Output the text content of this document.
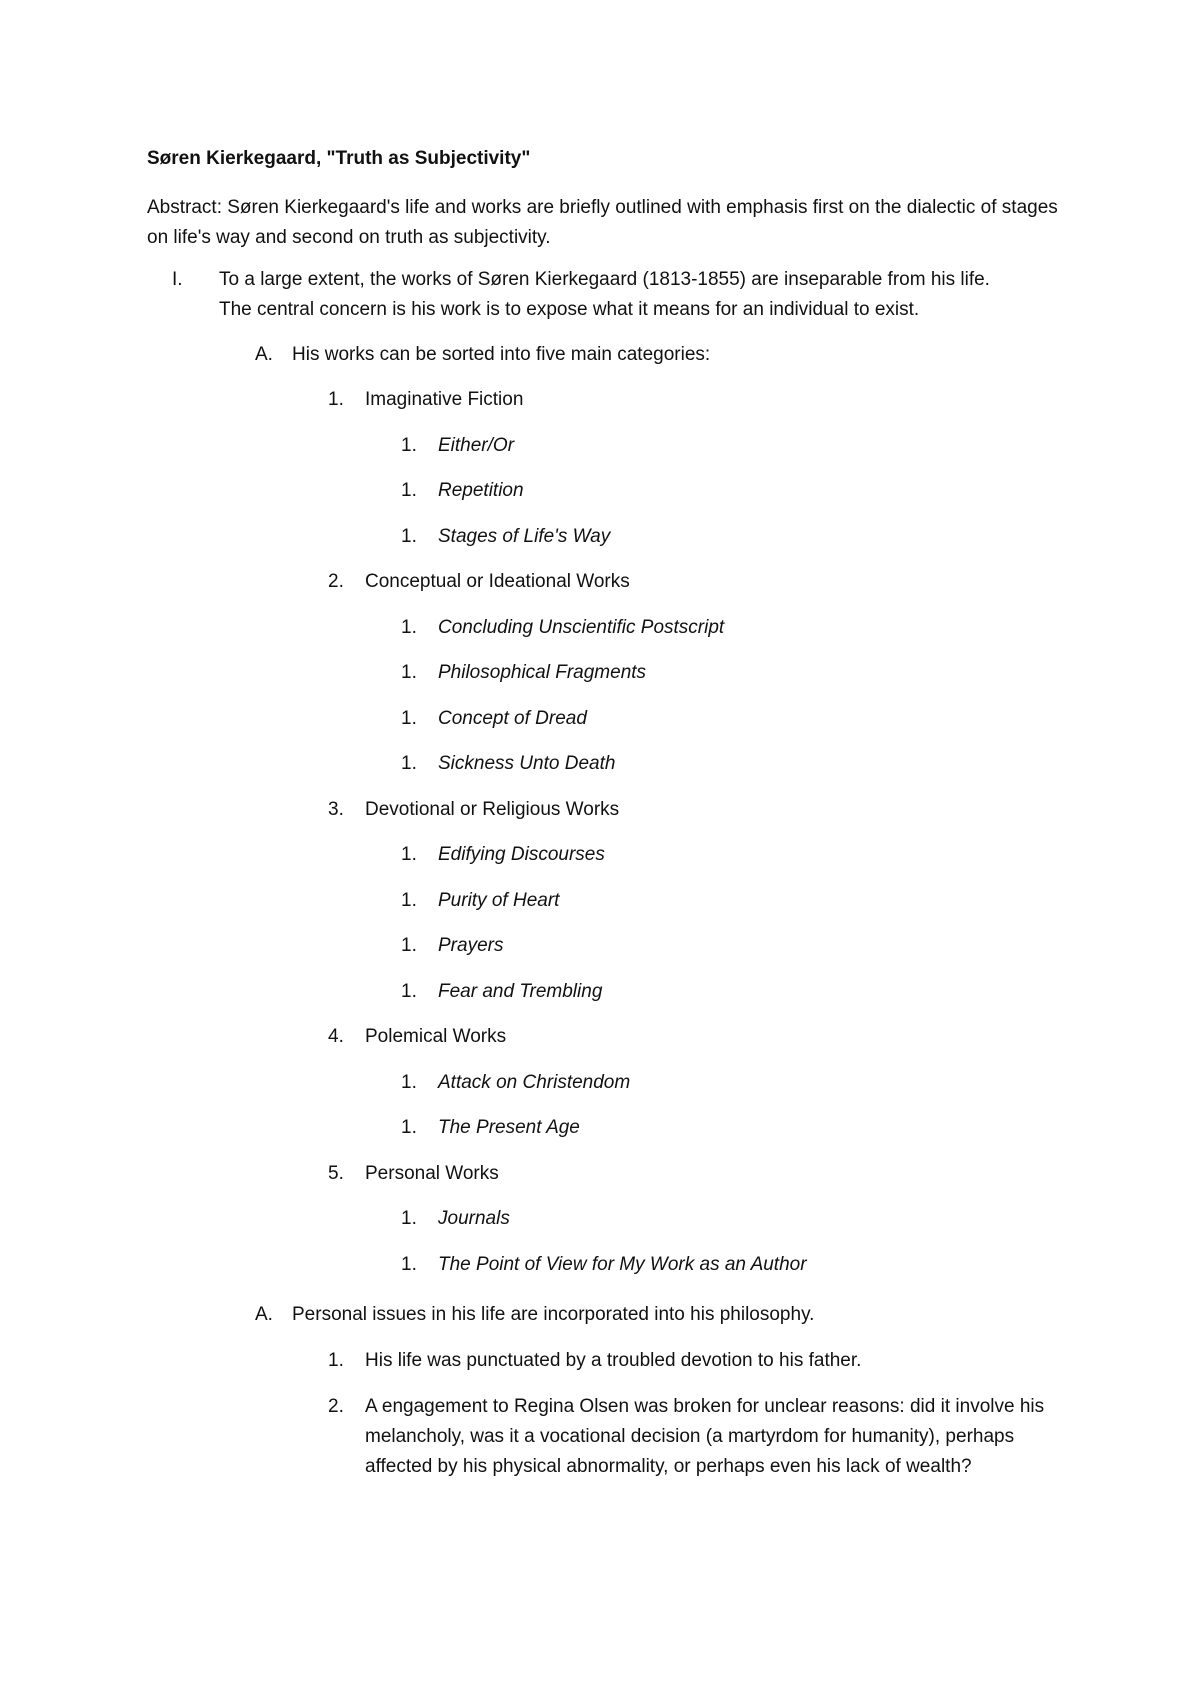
Søren Kierkegaard, "Truth as Subjectivity"
Abstract: Søren Kierkegaard's life and works are briefly outlined with emphasis first on the dialectic of stages on life's way and second on truth as subjectivity.
I. To a large extent, the works of Søren Kierkegaard (1813-1855) are inseparable from his life.
The central concern is his work is to expose what it means for an individual to exist.
A. His works can be sorted into five main categories:
1. Imaginative Fiction
1. Either/Or
1. Repetition
1. Stages of Life's Way
2. Conceptual or Ideational Works
1. Concluding Unscientific Postscript
1. Philosophical Fragments
1. Concept of Dread
1. Sickness Unto Death
3. Devotional or Religious Works
1. Edifying Discourses
1. Purity of Heart
1. Prayers
1. Fear and Trembling
4. Polemical Works
1. Attack on Christendom
1. The Present Age
5. Personal Works
1. Journals
1. The Point of View for My Work as an Author
A. Personal issues in his life are incorporated into his philosophy.
1. His life was punctuated by a troubled devotion to his father.
2. A engagement to Regina Olsen was broken for unclear reasons: did it involve his melancholy, was it a vocational decision (a martyrdom for humanity), perhaps affected by his physical abnormality, or perhaps even his lack of wealth?
